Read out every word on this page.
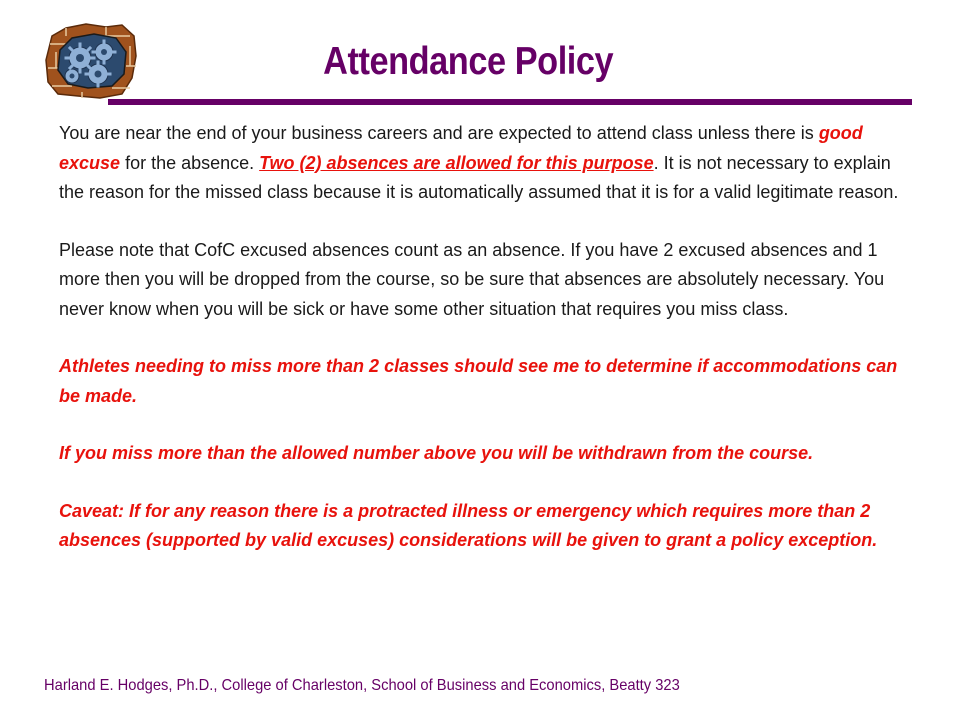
Attendance Policy

You are near the end of your business careers and are expected to attend class unless there is good excuse for the absence. Two (2) absences are allowed for this purpose. It is not necessary to explain the reason for the missed class because it is automatically assumed that it is for a valid legitimate reason.

Please note that CofC excused absences count as an absence. If you have 2 excused absences and 1 more then you will be dropped from the course, so be sure that absences are absolutely necessary. You never know when you will be sick or have some other situation that requires you miss class.

Athletes needing to miss more than 2 classes should see me to determine if accommodations can be made.

If you miss more than the allowed number above you will be withdrawn from the course.

Caveat: If for any reason there is a protracted illness or emergency which requires more than 2 absences (supported by valid excuses) considerations will be given to grant a policy exception.

Harland E. Hodges, Ph.D., College of Charleston, School of Business and Economics, Beatty 323
